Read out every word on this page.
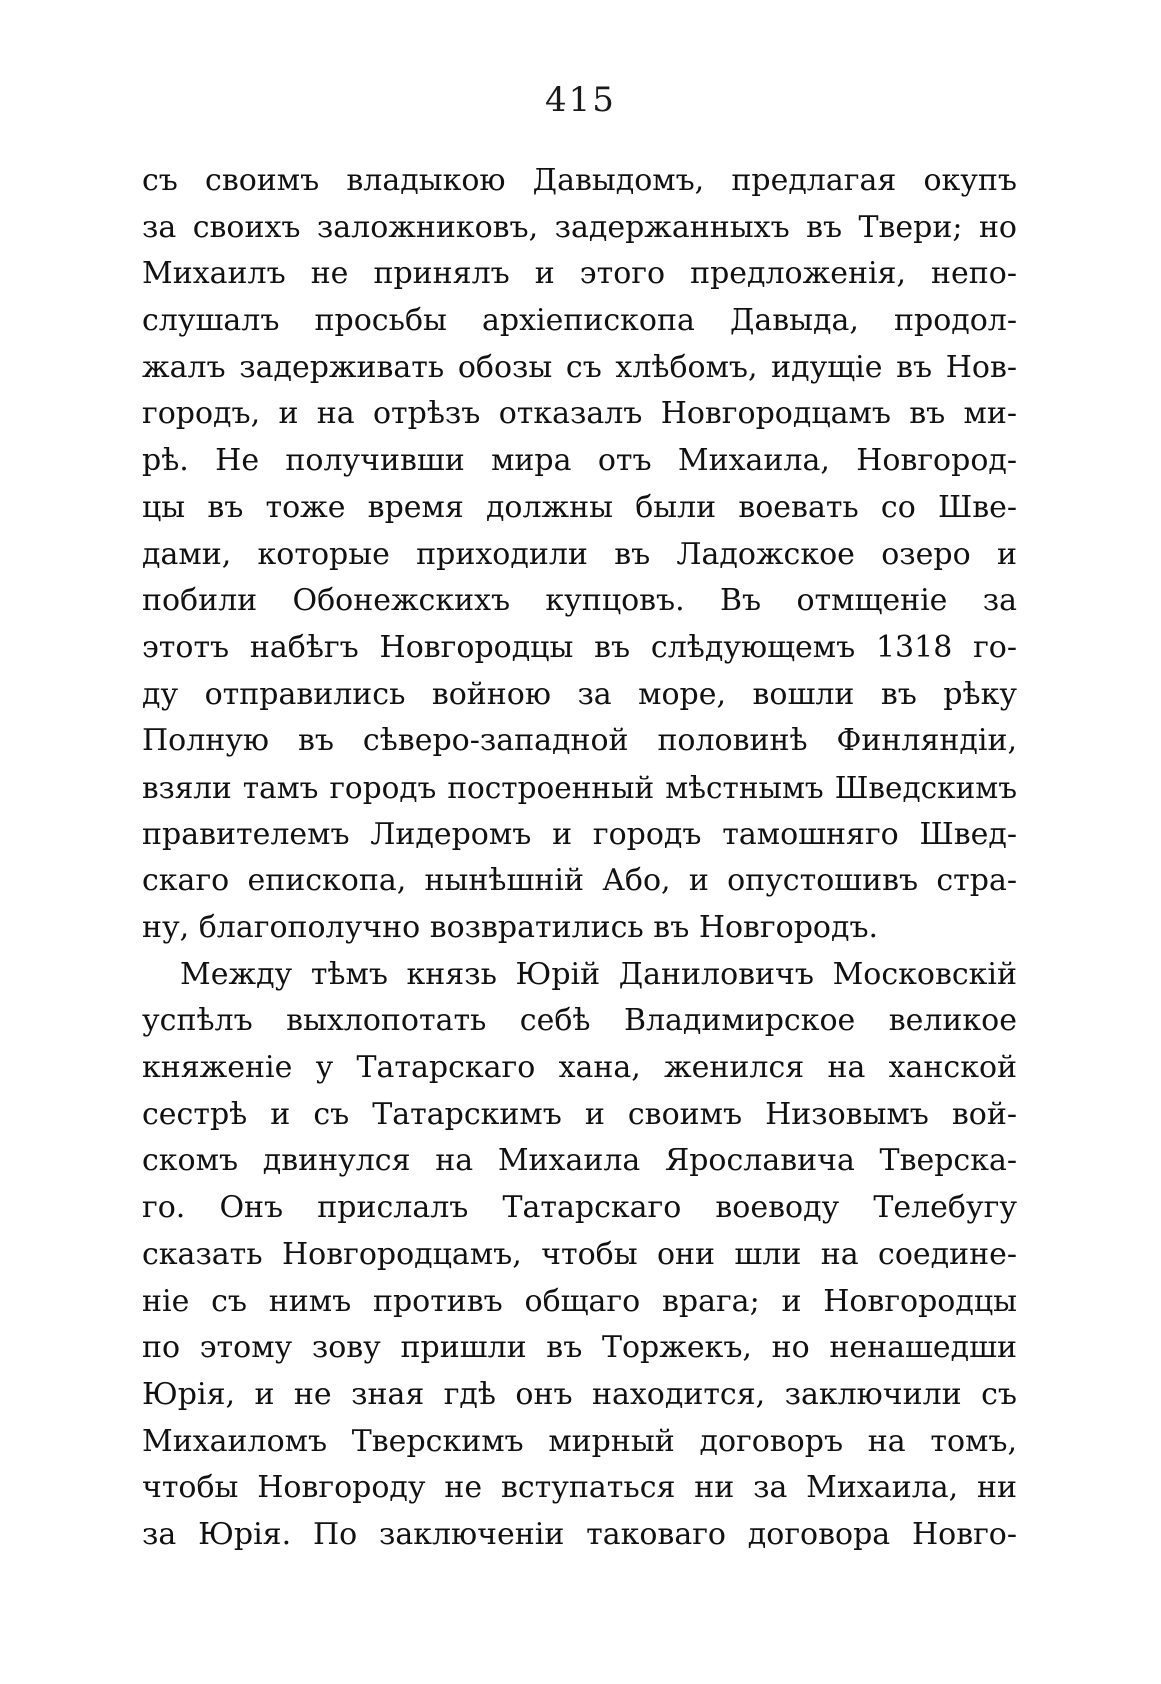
415
съ своимъ владыкою Давыдомъ, предлагая окупъ
за своихъ заложниковъ, задержанныхъ въ Твери; но
Михаилъ не принялъ и этого предложенія, непо-
слушалъ просьбы архіепископа Давыда, продол-
жалъ задерживать обозы съ хлѣбомъ, идущіе въ Нов-
городъ, и на отрѣзъ отказалъ Новгородцамъ въ ми-
рѣ. Не получивши мира отъ Михаила, Новгород-
цы въ тоже время должны были воевать со Шве-
дами, которые приходили въ Ладожское озеро и
побили Обонежскихъ купцовъ. Въ отмщеніе за
этотъ набѣгъ Новгородцы въ слѣдующемъ 1318 го-
ду отправились войною за море, вошли въ рѣку
Полную въ сѣверо-западной половинѣ Финляндіи,
взяли тамъ городъ построенный мѣстнымъ Шведскимъ
правителемъ Лидеромъ и городъ тамошняго Швед-
скаго епископа, нынѣшній Або, и опустошивъ стра-
ну, благополучно возвратились въ Новгородъ.
Между тѣмъ князь Юрій Даниловичъ Московскій
успѣлъ выхлопотать себѣ Владимирское великое
княженіе у Татарскаго хана, женился на ханской
сестрѣ и съ Татарскимъ и своимъ Низовымъ вой-
скомъ двинулся на Михаила Ярославича Тверска-
го. Онъ прислалъ Татарскаго воеводу Телебугу
сказать Новгородцамъ, чтобы они шли на соедине-
ніе съ нимъ противъ общаго врага; и Новгородцы
по этому зову пришли въ Торжекъ, но ненашедши
Юрія, и не зная гдѣ онъ находится, заключили съ
Михаиломъ Тверскимъ мирный договоръ на томъ,
чтобы Новгороду не вступаться ни за Михаила, ни
за Юрія. По заключеніи таковаго договора Новго-
